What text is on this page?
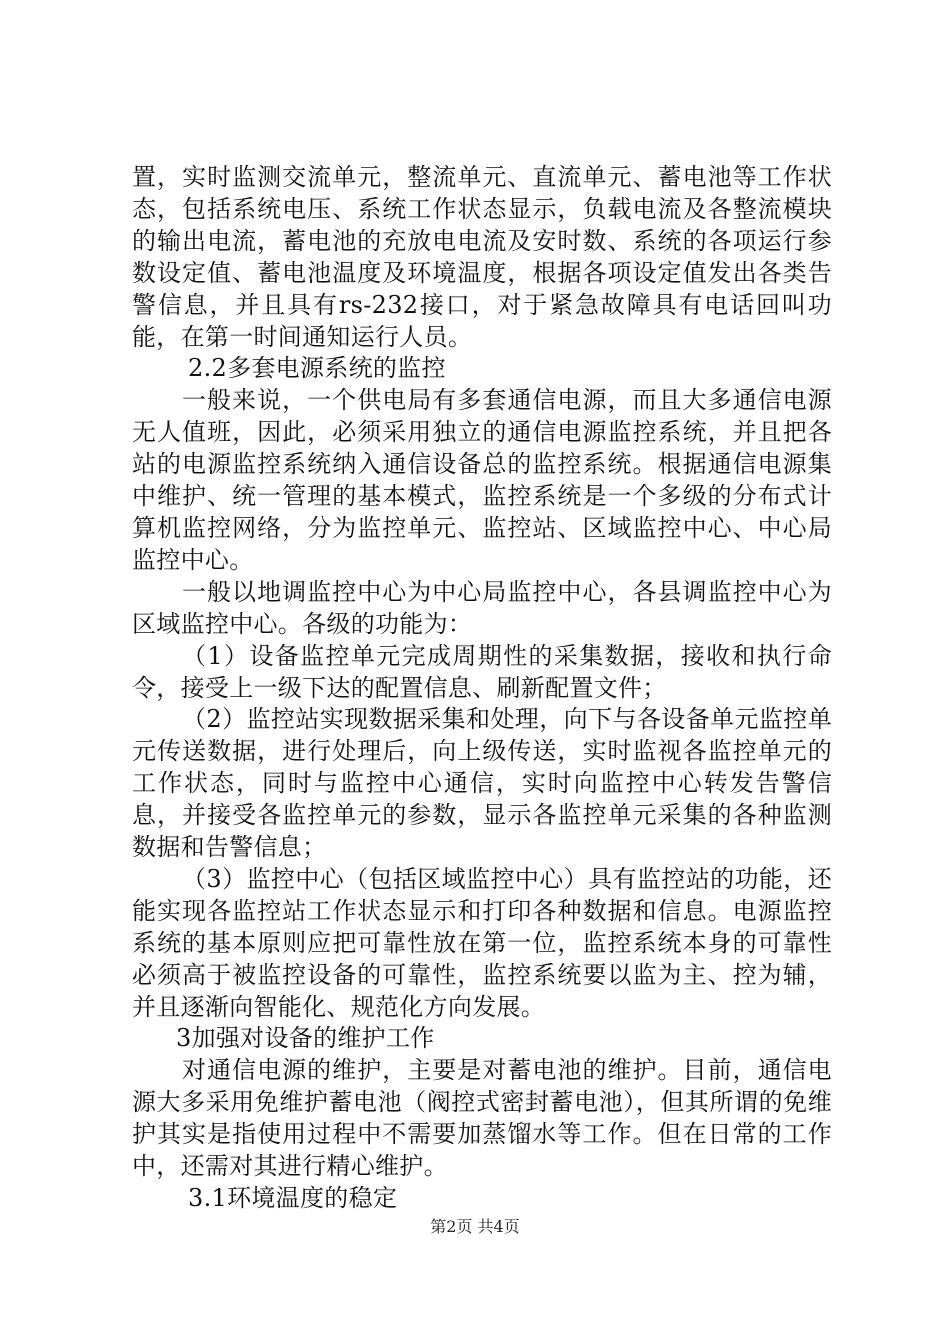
置，实时监测交流单元，整流单元、直流单元、蓄电池等工作状态，包括系统电压、系统工作状态显示，负载电流及各整流模块的输出电流，蓄电池的充放电电流及安时数、系统的各项运行参数设定值、蓄电池温度及环境温度，根据各项设定值发出各类告警信息，并且具有rs-232接口，对于紧急故障具有电话回叫功能，在第一时间通知运行人员。

2.2多套电源系统的监控

一般来说，一个供电局有多套通信电源，而且大多通信电源无人值班，因此，必须采用独立的通信电源监控系统，并且把各站的电源监控系统纳入通信设备总的监控系统。根据通信电源集中维护、统一管理的基本模式，监控系统是一个多级的分布式计算机监控网络，分为监控单元、监控站、区域监控中心、中心局监控中心。

一般以地调监控中心为中心局监控中心，各县调监控中心为区域监控中心。各级的功能为：

（1）设备监控单元完成周期性的采集数据，接收和执行命令，接受上一级下达的配置信息、刷新配置文件；

（2）监控站实现数据采集和处理，向下与各设备单元监控单元传送数据，进行处理后，向上级传送，实时监视各监控单元的工作状态，同时与监控中心通信，实时向监控中心转发告警信息，并接受各监控单元的参数，显示各监控单元采集的各种监测数据和告警信息；

（3）监控中心（包括区域监控中心）具有监控站的功能，还能实现各监控站工作状态显示和打印各种数据和信息。电源监控系统的基本原则应把可靠性放在第一位，监控系统本身的可靠性必须高于被监控设备的可靠性，监控系统要以监为主、控为辅，并且逐渐向智能化、规范化方向发展。

3加强对设备的维护工作

对通信电源的维护，主要是对蓄电池的维护。目前，通信电源大多采用免维护蓄电池（阀控式密封蓄电池），但其所谓的免维护其实是指使用过程中不需要加蒸馏水等工作。但在日常的工作中，还需对其进行精心维护。

3.1环境温度的稳定

第2页 共4页
